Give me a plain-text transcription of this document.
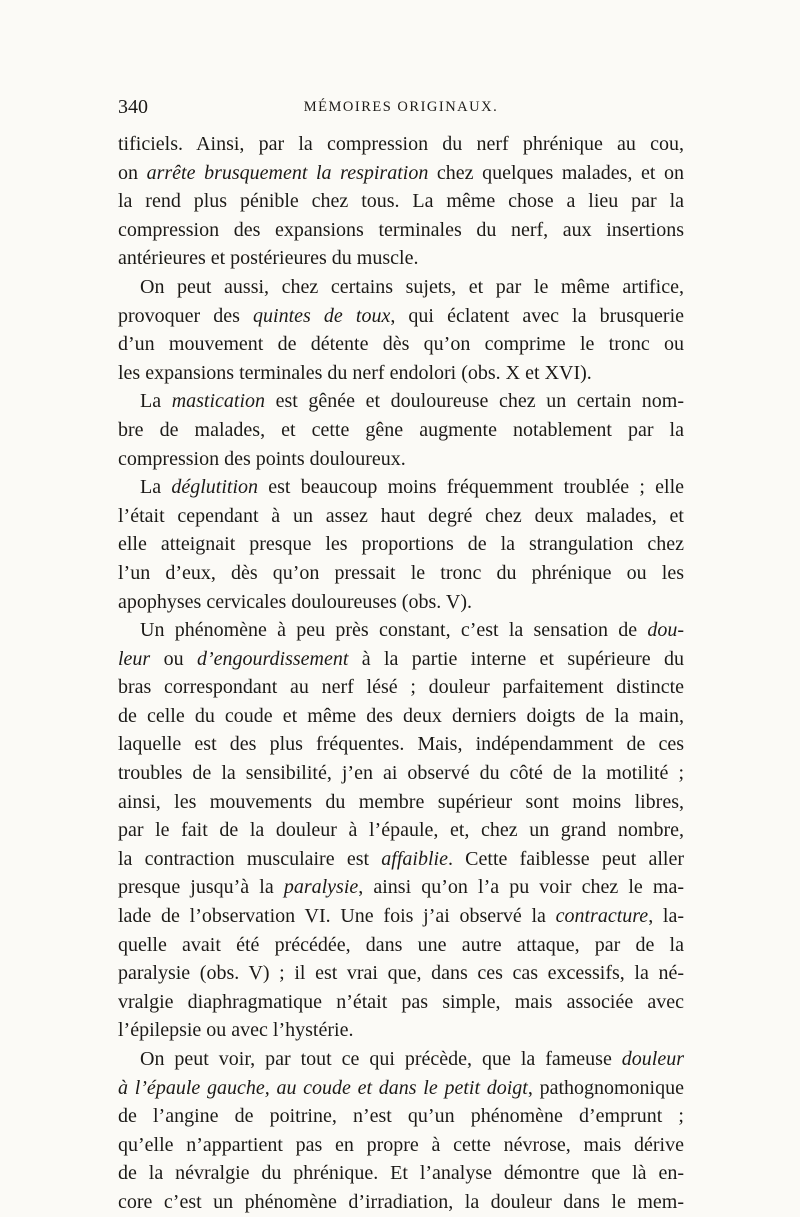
340	MÉMOIRES ORIGINAUX.
tificiels. Ainsi, par la compression du nerf phrénique au cou,
on arrête brusquement la respiration chez quelques malades, et on
la rend plus pénible chez tous. La même chose a lieu par la
compression des expansions terminales du nerf, aux insertions
antérieures et postérieures du muscle.
On peut aussi, chez certains sujets, et par le même artifice,
provoquer des quintes de toux, qui éclatent avec la brusquerie
d’un mouvement de détente dès qu’on comprime le tronc ou
les expansions terminales du nerf endolori (obs. X et XVI).
La mastication est gênée et douloureuse chez un certain nom-
bre de malades, et cette gêne augmente notablement par la
compression des points douloureux.
La déglutition est beaucoup moins fréquemment troublée ; elle
l’était cependant à un assez haut degré chez deux malades, et
elle atteignait presque les proportions de la strangulation chez
l’un d’eux, dès qu’on pressait le tronc du phrénique ou les
apophyses cervicales douloureuses (obs. V).
Un phénomène à peu près constant, c’est la sensation de dou-
leur ou d’engourdissement à la partie interne et supérieure du
bras correspondant au nerf lésé ; douleur parfaitement distincte
de celle du coude et même des deux derniers doigts de la main,
laquelle est des plus fréquentes. Mais, indépendamment de ces
troubles de la sensibilité, j’en ai observé du côté de la motilité ;
ainsi, les mouvements du membre supérieur sont moins libres,
par le fait de la douleur à l’épaule, et, chez un grand nombre,
la contraction musculaire est affaiblie. Cette faiblesse peut aller
presque jusqu’à la paralysie, ainsi qu’on l’a pu voir chez le ma-
lade de l’observation VI. Une fois j’ai observé la contracture, la-
quelle avait été précédée, dans une autre attaque, par de la
paralysie (obs. V) ; il est vrai que, dans ces cas excessifs, la né-
vralgie diaphragmatique n’était pas simple, mais associée avec
l’épilepsie ou avec l’hystérie.
On peut voir, par tout ce qui précède, que la fameuse douleur
à l’épaule gauche, au coude et dans le petit doigt, pathognomonique
de l’angine de poitrine, n’est qu’un phénomène d’emprunt ;
qu’elle n’appartient pas en propre à cette névrose, mais dérive
de la névralgie du phrénique. Et l’analyse démontre que là en-
core c’est un phénomène d’irradiation, la douleur dans le mem-
